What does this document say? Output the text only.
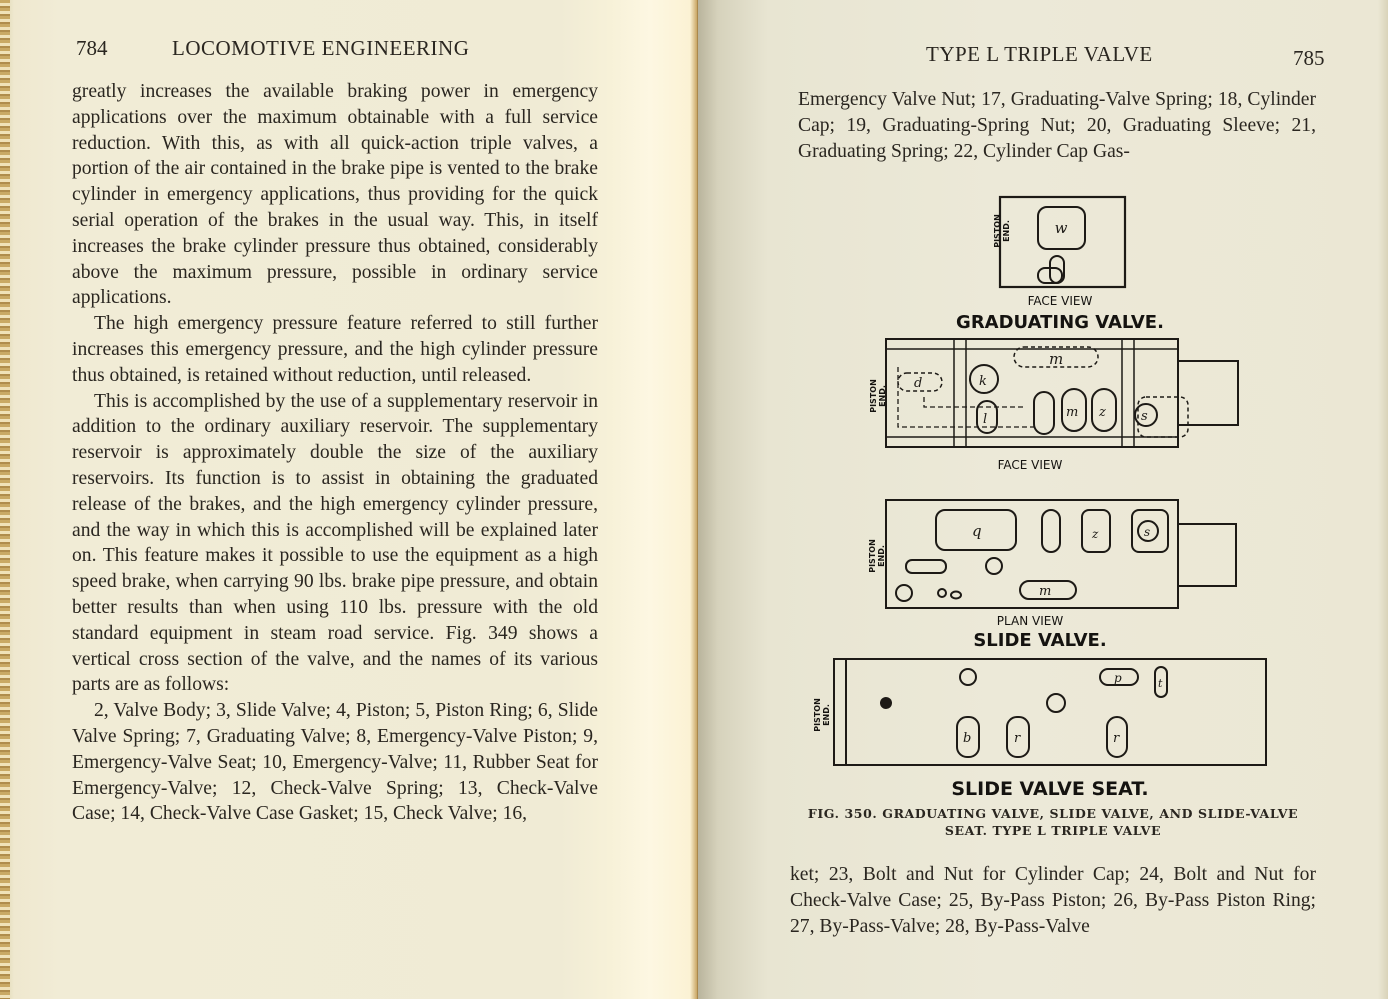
784	LOCOMOTIVE ENGINEERING

greatly increases the available braking power in emergency applications over the maximum obtainable with a full service reduction. With this, as with all quick-action triple valves, a portion of the air contained in the brake pipe is vented to the brake cylinder in emergency applications, thus providing for the quick serial operation of the brakes in the usual way. This, in itself increases the brake cylinder pressure thus obtained, considerably above the maximum pressure, possible in ordinary service applications.

The high emergency pressure feature referred to still further increases this emergency pressure, and the high cylinder pressure thus obtained, is retained without reduction, until released.

This is accomplished by the use of a supplementary reservoir in addition to the ordinary auxiliary reservoir. The supplementary reservoir is approximately double the size of the auxiliary reservoirs. Its function is to assist in obtaining the graduated release of the brakes, and the high emergency cylinder pressure, and the way in which this is accomplished will be explained later on. This feature makes it possible to use the equipment as a high speed brake, when carrying 90 lbs. brake pipe pressure, and obtain better results than when using 110 lbs. pressure with the old standard equipment in steam road service. Fig. 349 shows a vertical cross section of the valve, and the names of its various parts are as follows:

2, Valve Body; 3, Slide Valve; 4, Piston; 5, Piston Ring; 6, Slide Valve Spring; 7, Graduating Valve; 8, Emergency-Valve Piston; 9, Emergency-Valve Seat; 10, Emergency-Valve; 11, Rubber Seat for Emergency-Valve; 12, Check-Valve Spring; 13, Check-Valve Case; 14, Check-Valve Case Gasket; 15, Check Valve; 16,

TYPE L TRIPLE VALVE	785

Emergency Valve Nut; 17, Graduating-Valve Spring; 18, Cylinder Cap; 19, Graduating-Spring Nut; 20, Graduating Sleeve; 21, Graduating Spring; 22, Cylinder Cap Gas-

w
PISTON END.
FACE VIEW
GRADUATING VALVE.
m
d	k
l	m z	s
PISTON END.
FACE VIEW
q	z	s
m
PISTON END.
PLAN VIEW
SLIDE VALVE.
p	t
b	r	r
PISTON END.
SLIDE VALVE SEAT.
FIG. 350. GRADUATING VALVE, SLIDE VALVE, AND SLIDE-VALVE
SEAT. TYPE L TRIPLE VALVE

ket; 23, Bolt and Nut for Cylinder Cap; 24, Bolt and Nut for Check-Valve Case; 25, By-Pass Piston; 26, By-Pass Piston Ring; 27, By-Pass-Valve; 28, By-Pass-Valve
